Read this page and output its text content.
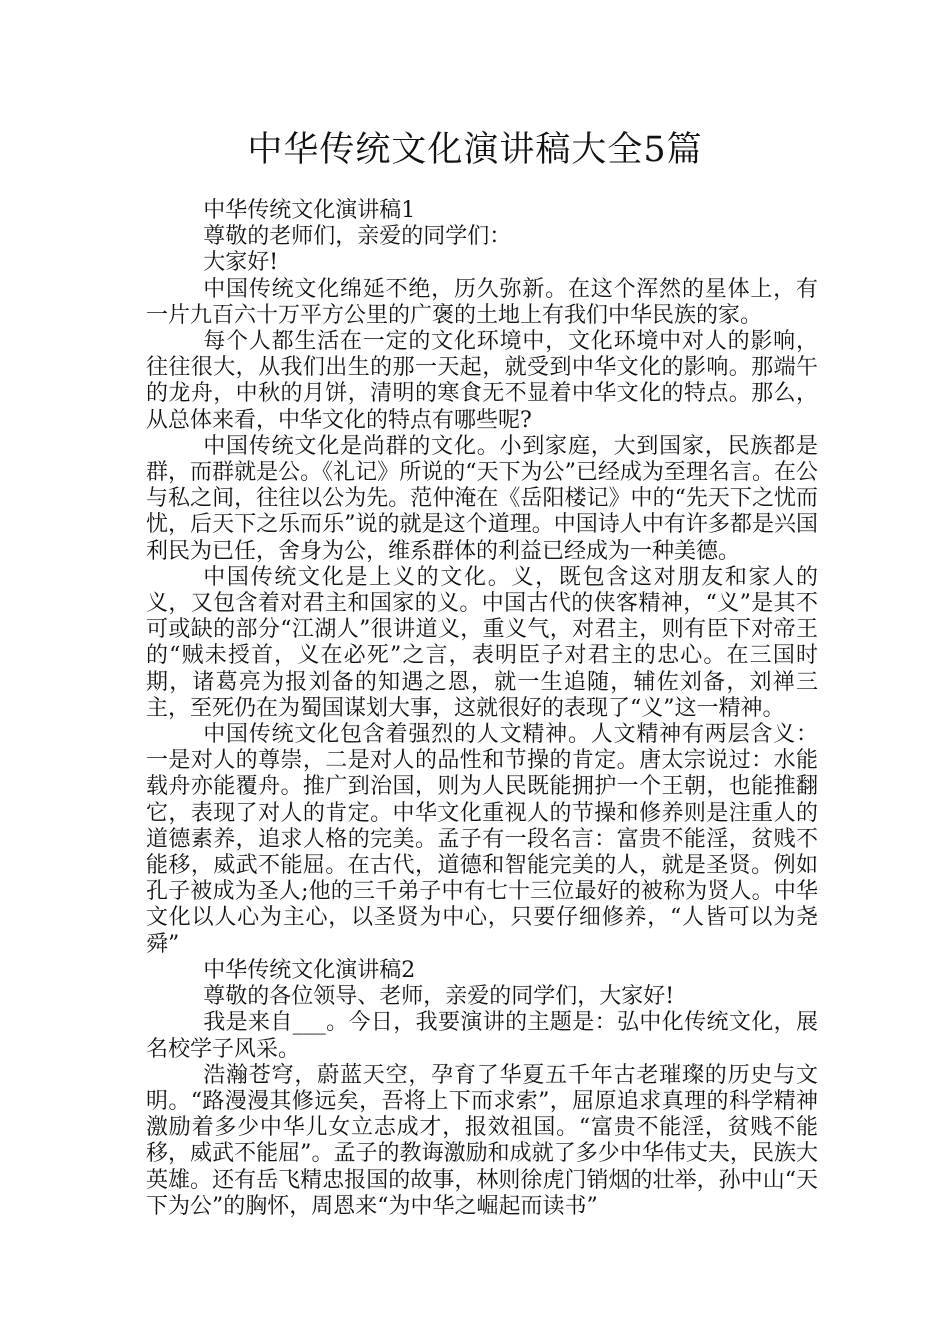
中华传统文化演讲稿大全5篇

中华传统文化演讲稿1

尊敬的老师们，亲爱的同学们：

大家好!

中国传统文化绵延不绝，历久弥新。在这个浑然的星体上，有一片九百六十万平方公里的广褒的土地上有我们中华民族的家。

每个人都生活在一定的文化环境中，文化环境中对人的影响，往往很大，从我们出生的那一天起，就受到中华文化的影响。那端午的龙舟，中秋的月饼，清明的寒食无不显着中华文化的特点。那么，从总体来看，中华文化的特点有哪些呢?

中国传统文化是尚群的文化。小到家庭，大到国家，民族都是群，而群就是公。《礼记》所说的“天下为公”已经成为至理名言。在公与私之间，往往以公为先。范仲淹在《岳阳楼记》中的“先天下之忧而忧，后天下之乐而乐”说的就是这个道理。中国诗人中有许多都是兴国利民为已任，舍身为公，维系群体的利益已经成为一种美德。

中国传统文化是上义的文化。义，既包含这对朋友和家人的义，又包含着对君主和国家的义。中国古代的侠客精神，“义”是其不可或缺的部分“江湖人”很讲道义，重义气，对君主，则有臣下对帝王的“贼未授首，义在必死”之言，表明臣子对君主的忠心。在三国时期，诸葛亮为报刘备的知遇之恩，就一生追随，辅佐刘备，刘禅三主，至死仍在为蜀国谋划大事，这就很好的表现了“义”这一精神。

中国传统文化包含着强烈的人文精神。人文精神有两层含义：一是对人的尊崇，二是对人的品性和节操的肯定。唐太宗说过：水能载舟亦能覆舟。推广到治国，则为人民既能拥护一个王朝，也能推翻它，表现了对人的肯定。中华文化重视人的节操和修养则是注重人的道德素养，追求人格的完美。孟子有一段名言：富贵不能淫，贫贱不能移，威武不能屈。在古代，道德和智能完美的人，就是圣贤。例如孔子被成为圣人;他的三千弟子中有七十三位最好的被称为贤人。中华文化以人心为主心，以圣贤为中心，只要仔细修养，“人皆可以为尧舜”

中华传统文化演讲稿2

尊敬的各位领导、老师，亲爱的同学们，大家好!

我是来自___。今日，我要演讲的主题是：弘中化传统文化，展名校学子风采。

浩瀚苍穹，蔚蓝天空，孕育了华夏五千年古老璀璨的历史与文明。“路漫漫其修远矣，吾将上下而求索”，屈原追求真理的科学精神激励着多少中华儿女立志成才，报效祖国。“富贵不能淫，贫贱不能移，威武不能屈”。孟子的教诲激励和成就了多少中华伟丈夫，民族大英雄。还有岳飞精忠报国的故事，林则徐虎门销烟的壮举，孙中山“天下为公”的胸怀，周恩来“为中华之崛起而读书”
